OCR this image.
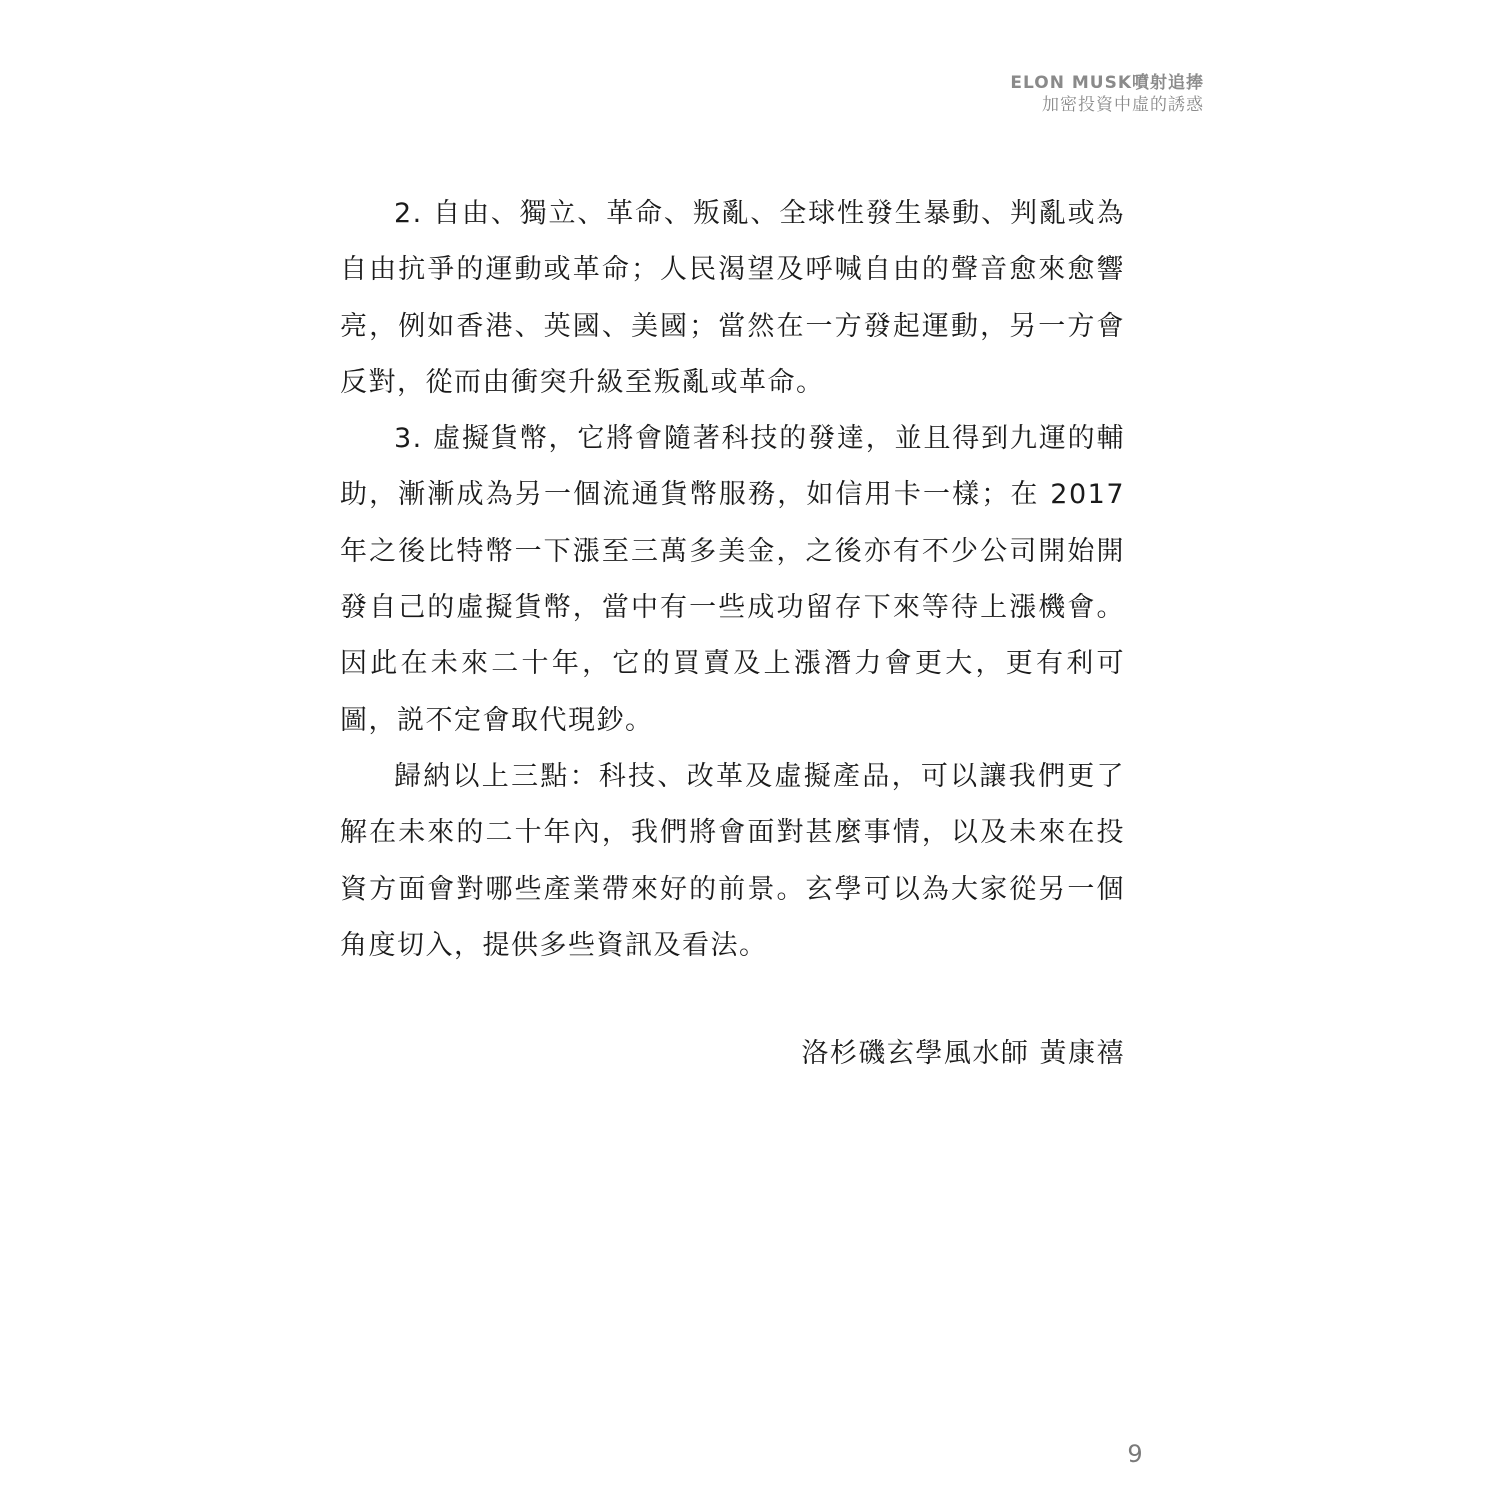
ELON MUSK噴射追捧
加密投資中虛的誘惑

2. 自由、獨立、革命、叛亂、全球性發生暴動、判亂或為自由抗爭的運動或革命；人民渴望及呼喊自由的聲音愈來愈響亮，例如香港、英國、美國；當然在一方發起運動，另一方會反對，從而由衝突升級至叛亂或革命。

3. 虛擬貨幣，它將會隨著科技的發達，並且得到九運的輔助，漸漸成為另一個流通貨幣服務，如信用卡一樣；在 2017 年之後比特幣一下漲至三萬多美金，之後亦有不少公司開始開發自己的虛擬貨幣，當中有一些成功留存下來等待上漲機會。因此在未來二十年，它的買賣及上漲潛力會更大，更有利可圖，説不定會取代現鈔。

歸納以上三點：科技、改革及虛擬產品，可以讓我們更了解在未來的二十年內，我們將會面對甚麼事情，以及未來在投資方面會對哪些產業帶來好的前景。玄學可以為大家從另一個角度切入，提供多些資訊及看法。

洛杉磯玄學風水師 黃康禧
9
